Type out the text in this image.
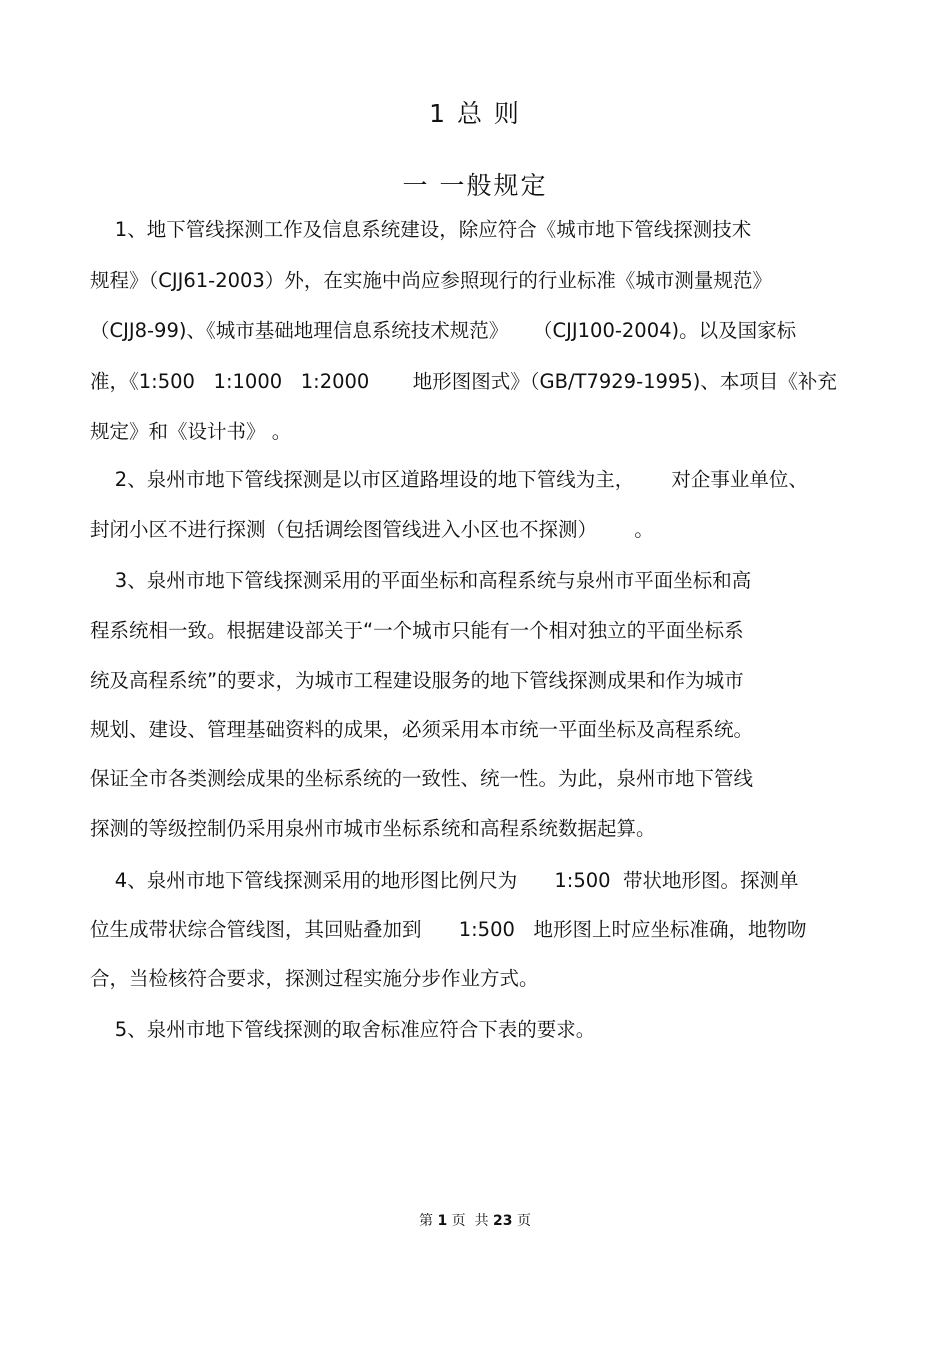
1 总 则
一 一般规定
1、地下管线探测工作及信息系统建设，除应符合《城市地下管线探测技术
规程》（CJJ61-2003）外，在实施中尚应参照现行的行业标准《城市测量规范》
（CJJ8-99)、《城市基础地理信息系统技术规范》    （CJJ100-2004)。以及国家标
准，《1:500   1:1000   1:2000       地形图图式》（GB/T7929-1995)、本项目《补充
规定》和《设计书》 。
2、泉州市地下管线探测是以市区道路埋设的地下管线为主，      对企事业单位、
封闭小区不进行探测（包括调绘图管线进入小区也不探测）      。
3、泉州市地下管线探测采用的平面坐标和高程系统与泉州市平面坐标和高
程系统相一致。根据建设部关于“一个城市只能有一个相对独立的平面坐标系
统及高程系统”的要求，为城市工程建设服务的地下管线探测成果和作为城市
规划、建设、管理基础资料的成果，必须采用本市统一平面坐标及高程系统。
保证全市各类测绘成果的坐标系统的一致性、统一性。为此，泉州市地下管线
探测的等级控制仍采用泉州市城市坐标系统和高程系统数据起算。
4、泉州市地下管线探测采用的地形图比例尺为      1:500  带状地形图。探测单
位生成带状综合管线图，其回贴叠加到      1:500   地形图上时应坐标准确，地物吻
合，当检核符合要求，探测过程实施分步作业方式。
5、泉州市地下管线探测的取舍标准应符合下表的要求。
第 1 页  共 23 页
